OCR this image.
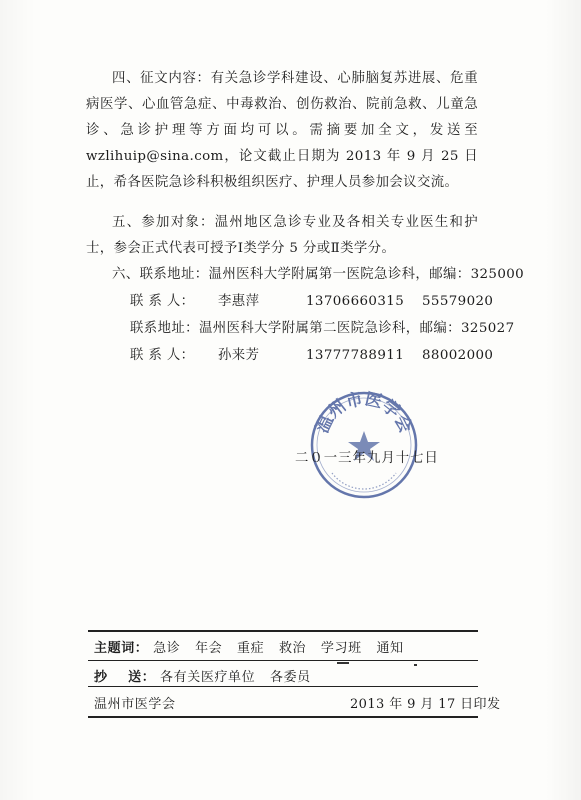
四、征文内容：有关急诊学科建设、心肺脑复苏进展、危重病医学、心血管急症、中毒救治、创伤救治、院前急救、儿童急诊、急诊护理等方面均可以。需摘要加全文，发送至wzlihuip@sina.com，论文截止日期为 2013 年 9 月 25 日止，希各医院急诊科积极组织医疗、护理人员参加会议交流。
五、参加对象：温州地区急诊专业及各相关专业医生和护士，参会正式代表可授予Ⅰ类学分 5 分或Ⅱ类学分。
六、联系地址：温州医科大学附属第一医院急诊科，邮编：325000
联 系 人： 李惠萍	13706660315 55579020
联系地址：温州医科大学附属第二医院急诊科，邮编：325027
联 系 人： 孙来芳	13777788911 88002000
温州市医学会
二０一三年九月十七日
主题词： 急诊 年会 重症 救治 学习班 通知
抄    送： 各有关医疗单位 各委员
温州市医学会	2013 年 9 月 17 日印发
